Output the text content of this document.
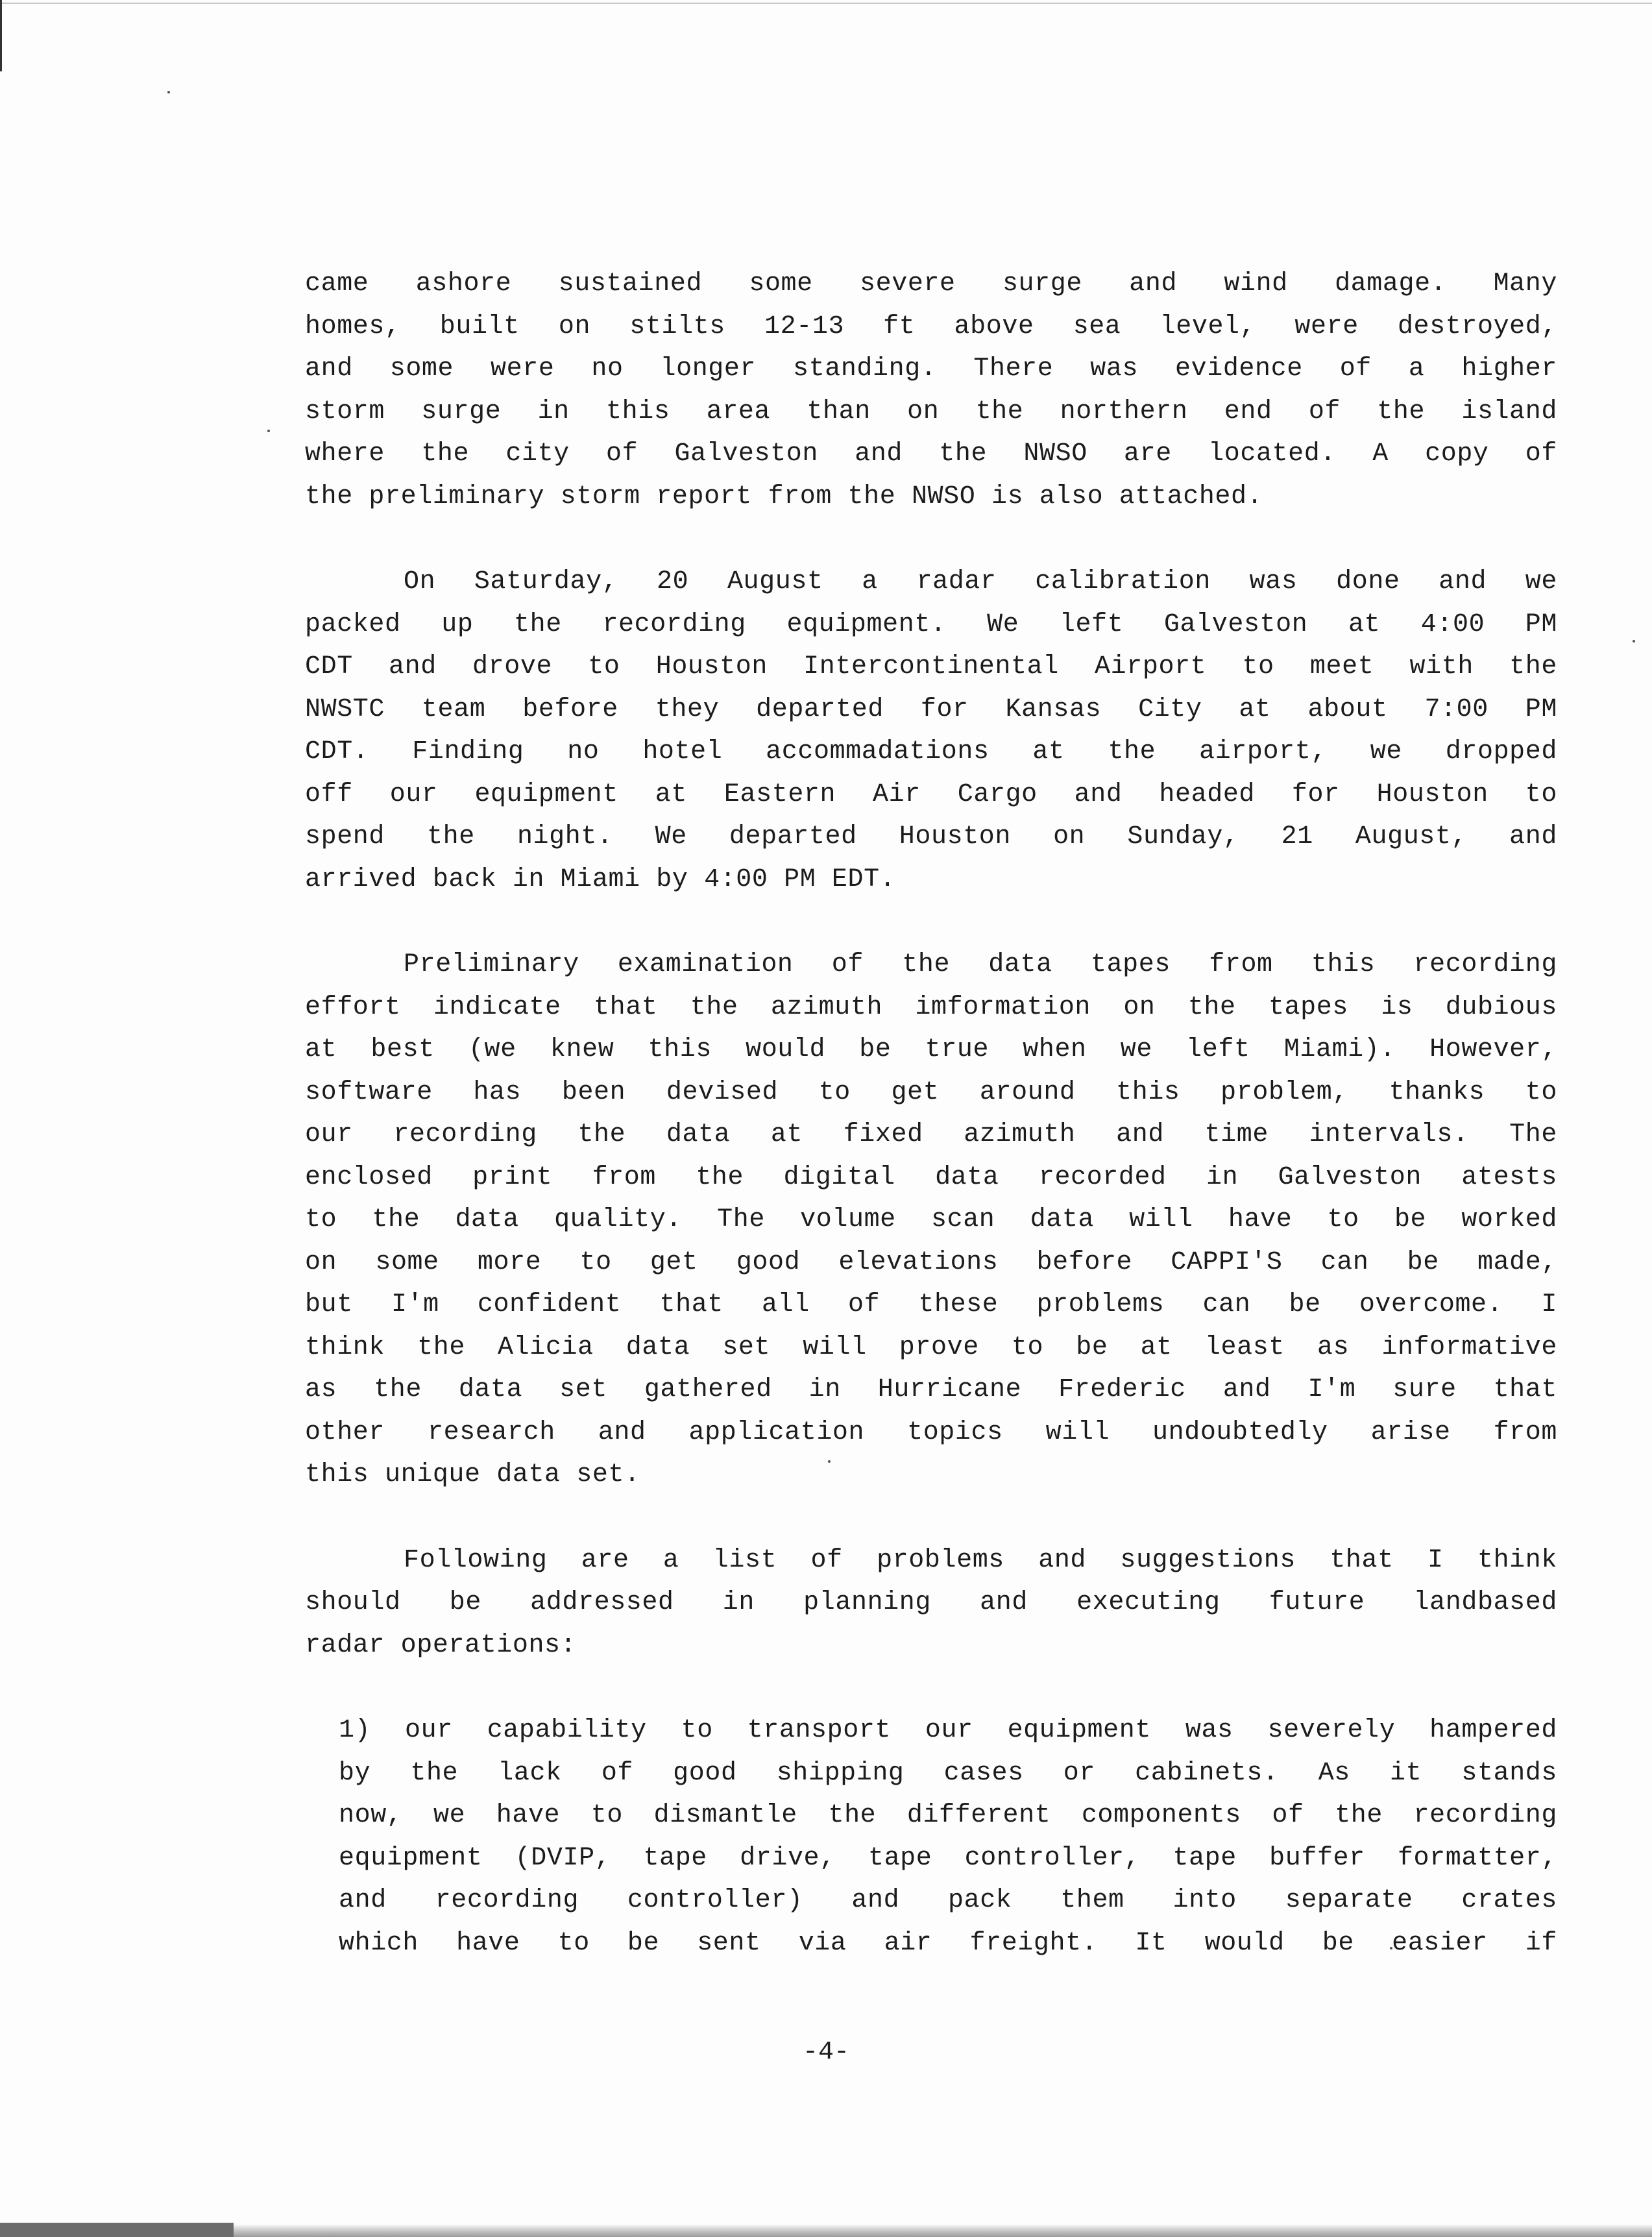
came ashore sustained some severe surge and wind damage. Many
homes, built on stilts 12-13 ft above sea level, were destroyed,
and some were no longer standing. There was evidence of a higher
storm surge in this area than on the northern end of the island
where the city of Galveston and the NWSO are located. A copy of
the preliminary storm report from the NWSO is also attached.
On Saturday, 20 August a radar calibration was done and we
packed up the recording equipment. We left Galveston at 4:00 PM
CDT and drove to Houston Intercontinental Airport to meet with the
NWSTC team before they departed for Kansas City at about 7:00 PM
CDT. Finding no hotel accommadations at the airport, we dropped
off our equipment at Eastern Air Cargo and headed for Houston to
spend the night. We departed Houston on Sunday, 21 August, and
arrived back in Miami by 4:00 PM EDT.
Preliminary examination of the data tapes from this recording
effort indicate that the azimuth imformation on the tapes is dubious
at best (we knew this would be true when we left Miami). However,
software has been devised to get around this problem, thanks to
our recording the data at fixed azimuth and time intervals. The
enclosed print from the digital data recorded in Galveston atests
to the data quality. The volume scan data will have to be worked
on some more to get good elevations before CAPPI'S can be made,
but I'm confident that all of these problems can be overcome. I
think the Alicia data set will prove to be at least as informative
as the data set gathered in Hurricane Frederic and I'm sure that
other research and application topics will undoubtedly arise from
this unique data set.
Following are a list of problems and suggestions that I think
should be addressed in planning and executing future landbased
radar operations:
1) our capability to transport our equipment was severely hampered
by the lack of good shipping cases or cabinets. As it stands
now, we have to dismantle the different components of the recording
equipment (DVIP, tape drive, tape controller, tape buffer formatter,
and recording controller) and pack them into separate crates
which have to be sent via air freight. It would be easier if
-4-
